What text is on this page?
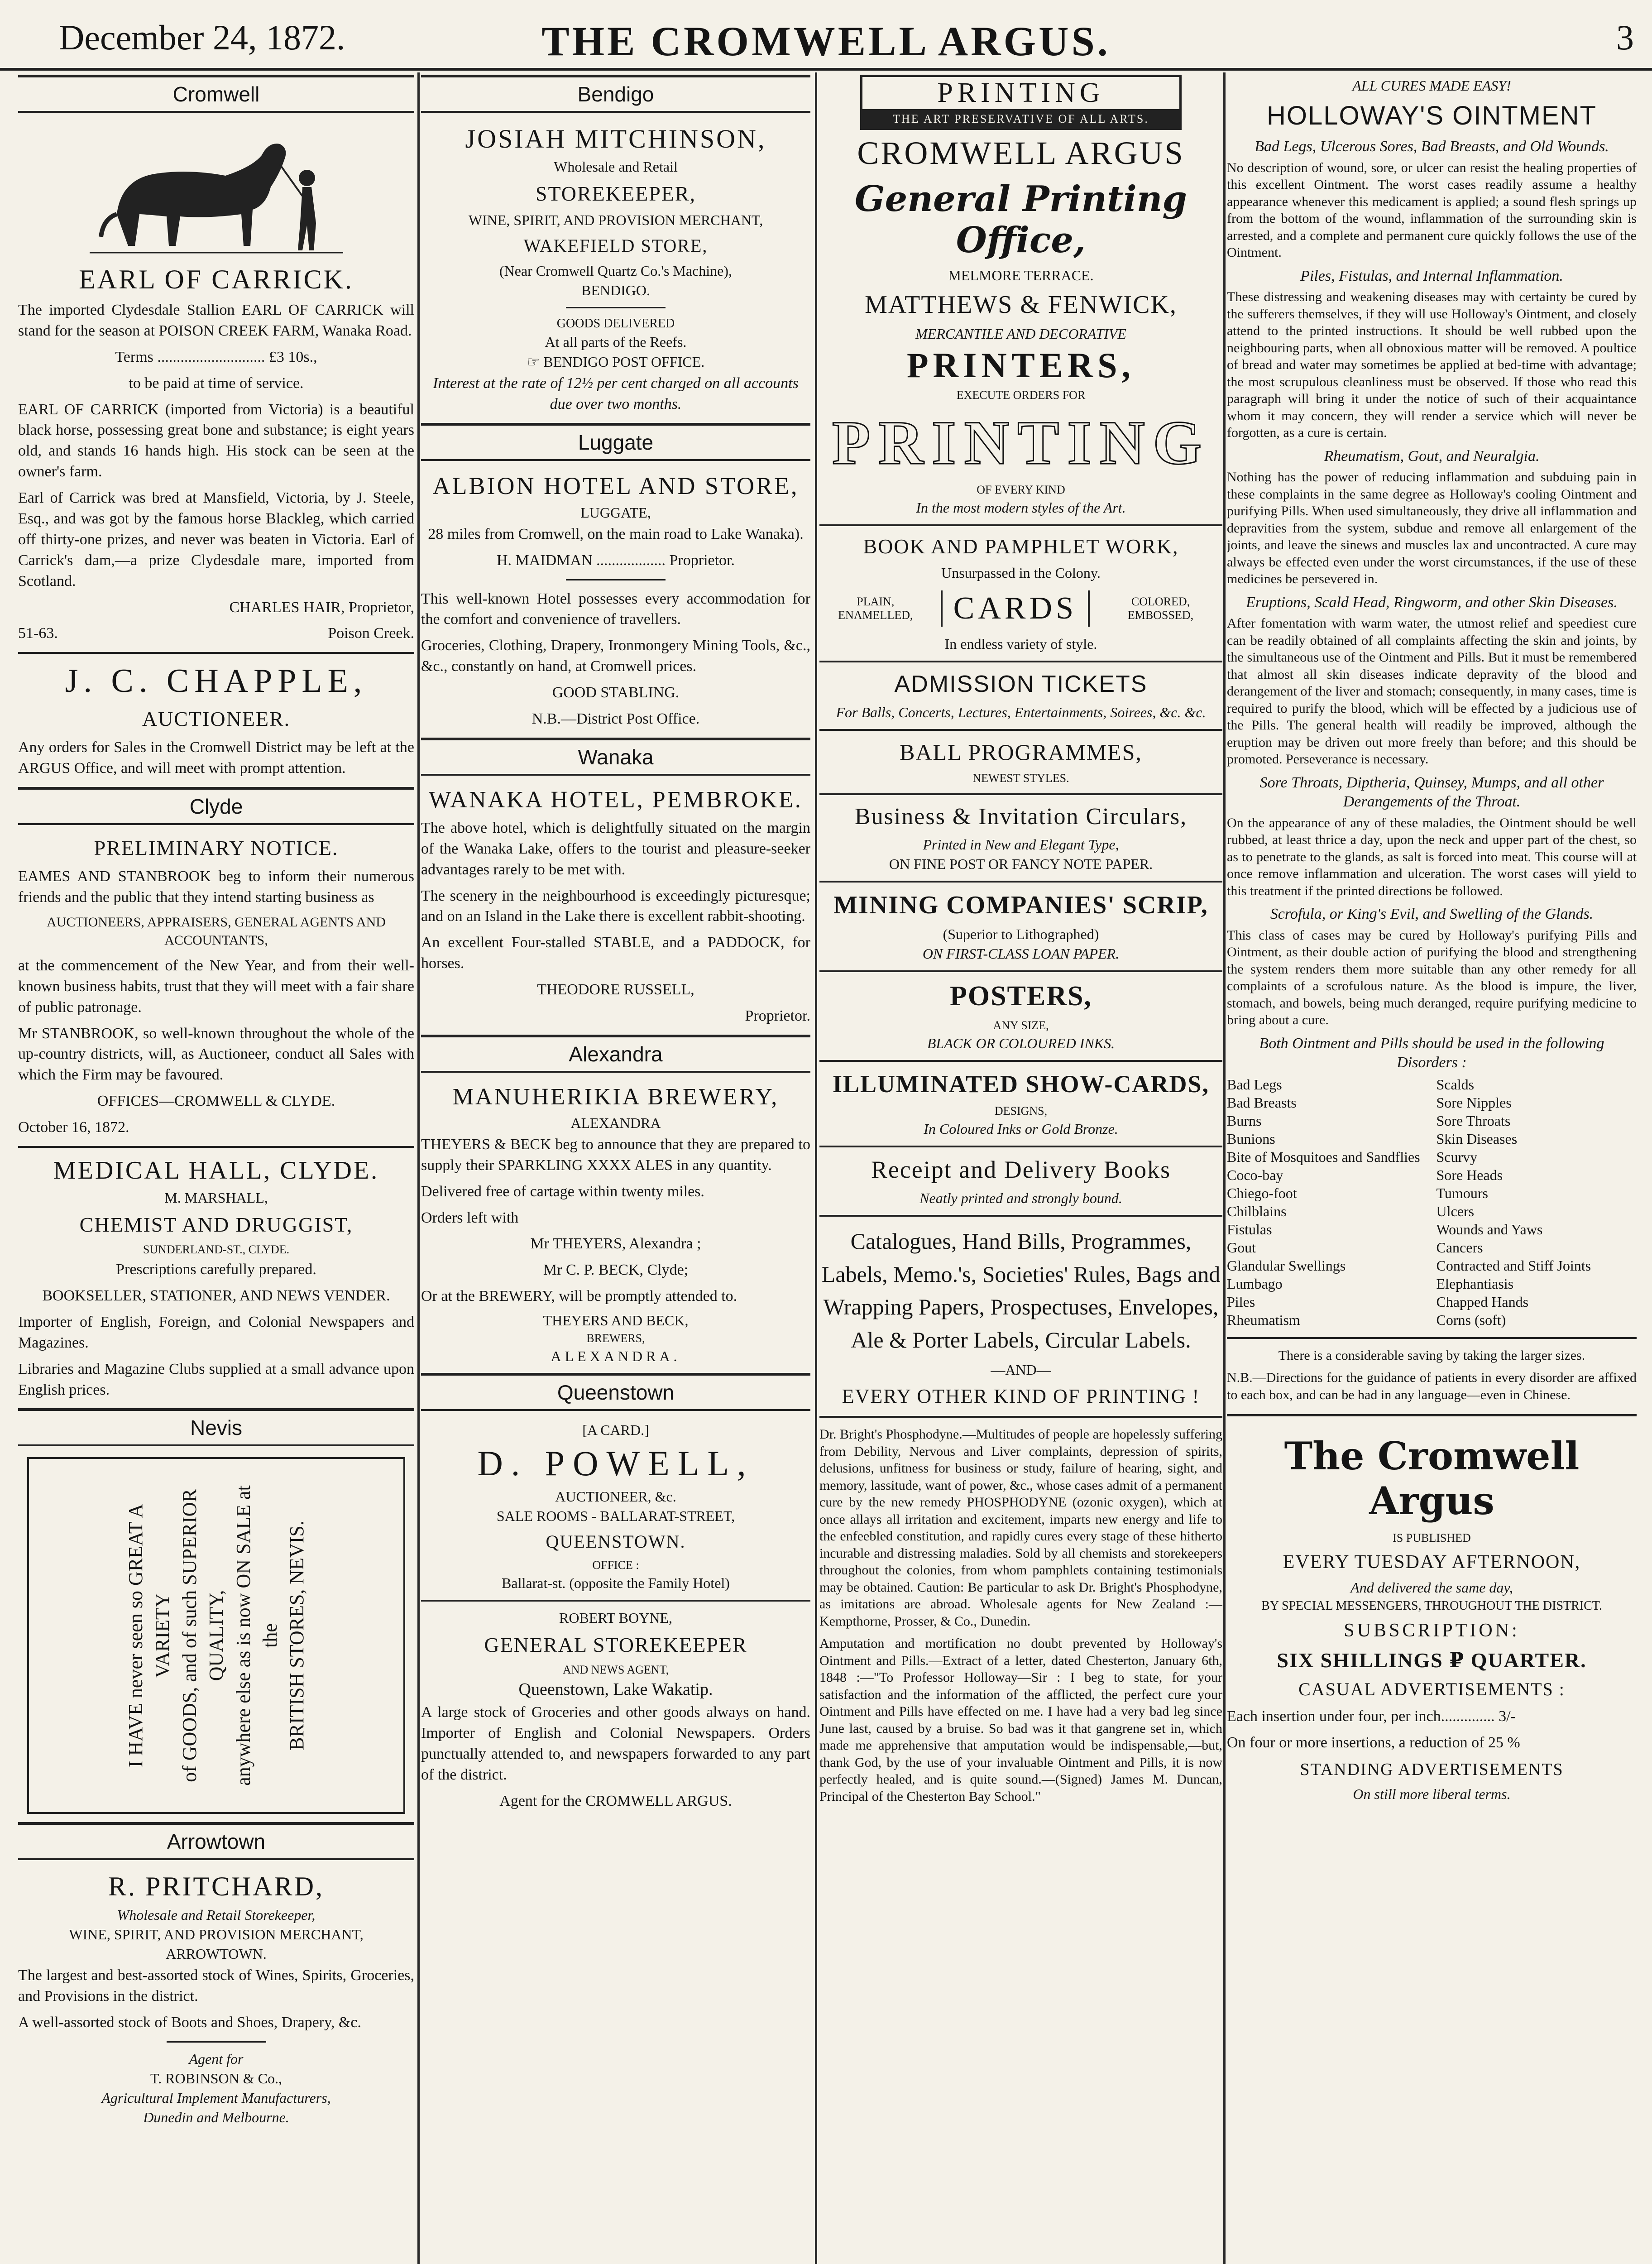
December 24, 1872.	THE CROMWELL ARGUS.	3
Cromwell
EARL OF CARRICK.

The imported Clydesdale Stallion EARL OF CARRICK will stand for the season at POISON CREEK FARM, Wanaka Road.

Terms ............................ £3 10s.,

to be paid at time of service.

EARL OF CARRICK (imported from Victoria) is a beautiful black horse, possessing great bone and substance; is eight years old, and stands 16 hands high. His stock can be seen at the owner's farm.

Earl of Carrick was bred at Mansfield, Victoria, by J. Steele, Esq., and was got by the famous horse Blackleg, which carried off thirty-one prizes, and never was beaten in Victoria. Earl of Carrick's dam,—a prize Clydesdale mare, imported from Scotland.

CHARLES HAIR, Proprietor,

51-63.	Poison Creek.

J. C. CHAPPLE,
AUCTIONEER.

Any orders for Sales in the Cromwell District may be left at the ARGUS Office, and will meet with prompt attention.

Clyde
PRELIMINARY NOTICE.

EAMES AND STANBROOK beg to inform their numerous friends and the public that they intend starting business as

AUCTIONEERS, APPRAISERS, GENERAL AGENTS AND ACCOUNTANTS,

at the commencement of the New Year, and from their well-known business habits, trust that they will meet with a fair share of public patronage.

Mr STANBROOK, so well-known throughout the whole of the up-country districts, will, as Auctioneer, conduct all Sales with which the Firm may be favoured.

OFFICES—CROMWELL & CLYDE.

October 16, 1872.

MEDICAL HALL, CLYDE.
M. MARSHALL,
CHEMIST AND DRUGGIST,
SUNDERLAND-ST., CLYDE.

Prescriptions carefully prepared.

BOOKSELLER, STATIONER, AND NEWS VENDER.

Importer of English, Foreign, and Colonial Newspapers and Magazines.

Libraries and Magazine Clubs supplied at a small advance upon English prices.

Nevis
I HAVE never seen so GREAT A VARIETY of GOODS, and of such SUPERIOR QUALITY, anywhere else as is now ON SALE at the BRITISH STORES, NEVIS.
Arrowtown
R. PRITCHARD,
Wholesale and Retail Storekeeper,
WINE, SPIRIT, AND PROVISION MERCHANT,
ARROWTOWN.

The largest and best-assorted stock of Wines, Spirits, Groceries, and Provisions in the district.

A well-assorted stock of Boots and Shoes, Drapery, &c.

Agent for
T. ROBINSON & Co.,
Agricultural Implement Manufacturers,
Dunedin and Melbourne.
Bendigo
JOSIAH MITCHINSON,
Wholesale and Retail
STOREKEEPER,
WINE, SPIRIT, AND PROVISION MERCHANT,
WAKEFIELD STORE,
(Near Cromwell Quartz Co.'s Machine),
BENDIGO.
GOODS DELIVERED
At all parts of the Reefs.
☞ BENDIGO POST OFFICE.

Interest at the rate of 12½ per cent charged on all accounts due over two months.

Luggate
ALBION HOTEL AND STORE,
LUGGATE,

28 miles from Cromwell, on the main road to Lake Wanaka).

H. MAIDMAN .................. Proprietor.

This well-known Hotel possesses every accommodation for the comfort and convenience of travellers.

Groceries, Clothing, Drapery, Ironmongery Mining Tools, &c., &c., constantly on hand, at Cromwell prices.

GOOD STABLING.

N.B.—District Post Office.

Wanaka
WANAKA HOTEL, PEMBROKE.

The above hotel, which is delightfully situated on the margin of the Wanaka Lake, offers to the tourist and pleasure-seeker advantages rarely to be met with.

The scenery in the neighbourhood is exceedingly picturesque; and on an Island in the Lake there is excellent rabbit-shooting.

An excellent Four-stalled STABLE, and a PADDOCK, for horses.

THEODORE RUSSELL,

Proprietor.

Alexandra
MANUHERIKIA BREWERY,
ALEXANDRA

THEYERS & BECK beg to announce that they are prepared to supply their SPARKLING XXXX ALES in any quantity.

Delivered free of cartage within twenty miles.

Orders left with

Mr THEYERS, Alexandra ;

Mr C. P. BECK, Clyde;

Or at the BREWERY, will be promptly attended to.

THEYERS AND BECK,
BREWERS,
ALEXANDRA.
Queenstown
[A CARD.]
D. POWELL,
AUCTIONEER, &c.
SALE ROOMS - BALLARAT-STREET,
QUEENSTOWN.
OFFICE :
Ballarat-st. (opposite the Family Hotel)
ROBERT BOYNE,
GENERAL STOREKEEPER
AND NEWS AGENT,
Queenstown, Lake Wakatip.

A large stock of Groceries and other goods always on hand. Importer of English and Colonial Newspapers. Orders punctually attended to, and newspapers forwarded to any part of the district.

Agent for the CROMWELL ARGUS.

PRINTING
THE ART PRESERVATIVE OF ALL ARTS.
CROMWELL ARGUS
General Printing Office,
MELMORE TERRACE.
MATTHEWS & FENWICK,
MERCANTILE AND DECORATIVE
PRINTERS,
EXECUTE ORDERS FOR
PRINTING
OF EVERY KIND
In the most modern styles of the Art.
BOOK AND PAMPHLET WORK,
Unsurpassed in the Colony.
PLAIN, ENAMELLED,	CARDS	COLORED, EMBOSSED,
In endless variety of style.
ADMISSION TICKETS
For Balls, Concerts, Lectures, Entertainments, Soirees, &c. &c.
BALL PROGRAMMES,
NEWEST STYLES.
Business & Invitation Circulars,
Printed in New and Elegant Type,
ON FINE POST OR FANCY NOTE PAPER.
MINING COMPANIES' SCRIP,
(Superior to Lithographed)
ON FIRST-CLASS LOAN PAPER.
POSTERS,
ANY SIZE,
BLACK OR COLOURED INKS.
ILLUMINATED SHOW-CARDS,
DESIGNS,
In Coloured Inks or Gold Bronze.
Receipt and Delivery Books
Neatly printed and strongly bound.

Catalogues, Hand Bills, Programmes, Labels, Memo.'s, Societies' Rules, Bags and Wrapping Papers, Prospectuses, Envelopes, Ale & Porter Labels, Circular Labels.

—AND—
EVERY OTHER KIND OF PRINTING !

Dr. Bright's Phosphodyne.—Multitudes of people are hopelessly suffering from Debility, Nervous and Liver complaints, depression of spirits, delusions, unfitness for business or study, failure of hearing, sight, and memory, lassitude, want of power, &c., whose cases admit of a permanent cure by the new remedy PHOSPHODYNE (ozonic oxygen), which at once allays all irritation and excitement, imparts new energy and life to the enfeebled constitution, and rapidly cures every stage of these hitherto incurable and distressing maladies. Sold by all chemists and storekeepers throughout the colonies, from whom pamphlets containing testimonials may be obtained. Caution: Be particular to ask Dr. Bright's Phosphodyne, as imitations are abroad. Wholesale agents for New Zealand :—Kempthorne, Prosser, & Co., Dunedin.

Amputation and mortification no doubt prevented by Holloway's Ointment and Pills.—Extract of a letter, dated Chesterton, January 6th, 1848 :—"To Professor Holloway—Sir : I beg to state, for your satisfaction and the information of the afflicted, the perfect cure your Ointment and Pills have effected on me. I have had a very bad leg since June last, caused by a bruise. So bad was it that gangrene set in, which made me apprehensive that amputation would be indispensable,—but, thank God, by the use of your invaluable Ointment and Pills, it is now perfectly healed, and is quite sound.—(Signed) James M. Duncan, Principal of the Chesterton Bay School."

ALL CURES MADE EASY!
HOLLOWAY'S OINTMENT
Bad Legs, Ulcerous Sores, Bad Breasts, and Old Wounds.

No description of wound, sore, or ulcer can resist the healing properties of this excellent Ointment. The worst cases readily assume a healthy appearance whenever this medicament is applied; a sound flesh springs up from the bottom of the wound, inflammation of the surrounding skin is arrested, and a complete and permanent cure quickly follows the use of the Ointment.

Piles, Fistulas, and Internal Inflammation.

These distressing and weakening diseases may with certainty be cured by the sufferers themselves, if they will use Holloway's Ointment, and closely attend to the printed instructions. It should be well rubbed upon the neighbouring parts, when all obnoxious matter will be removed. A poultice of bread and water may sometimes be applied at bed-time with advantage; the most scrupulous cleanliness must be observed. If those who read this paragraph will bring it under the notice of such of their acquaintance whom it may concern, they will render a service which will never be forgotten, as a cure is certain.

Rheumatism, Gout, and Neuralgia.

Nothing has the power of reducing inflammation and subduing pain in these complaints in the same degree as Holloway's cooling Ointment and purifying Pills. When used simultaneously, they drive all inflammation and depravities from the system, subdue and remove all enlargement of the joints, and leave the sinews and muscles lax and uncontracted. A cure may always be effected even under the worst circumstances, if the use of these medicines be persevered in.

Eruptions, Scald Head, Ringworm, and other Skin Diseases.

After fomentation with warm water, the utmost relief and speediest cure can be readily obtained of all complaints affecting the skin and joints, by the simultaneous use of the Ointment and Pills. But it must be remembered that almost all skin diseases indicate depravity of the blood and derangement of the liver and stomach; consequently, in many cases, time is required to purify the blood, which will be effected by a judicious use of the Pills. The general health will readily be improved, although the eruption may be driven out more freely than before; and this should be promoted. Perseverance is necessary.

Sore Throats, Diptheria, Quinsey, Mumps, and all other Derangements of the Throat.

On the appearance of any of these maladies, the Ointment should be well rubbed, at least thrice a day, upon the neck and upper part of the chest, so as to penetrate to the glands, as salt is forced into meat. This course will at once remove inflammation and ulceration. The worst cases will yield to this treatment if the printed directions be followed.

Scrofula, or King's Evil, and Swelling of the Glands.

This class of cases may be cured by Holloway's purifying Pills and Ointment, as their double action of purifying the blood and strengthening the system renders them more suitable than any other remedy for all complaints of a scrofulous nature. As the blood is impure, the liver, stomach, and bowels, being much deranged, require purifying medicine to bring about a cure.

Both Ointment and Pills should be used in the following Disorders :
Bad Legs	Scalds
Bad Breasts	Sore Nipples
Burns	Sore Throats
Bunions	Skin Diseases
Bite of Mosquitoes and Sandflies	Scurvy
Coco-bay	Sore Heads
Chiego-foot	Tumours
Chilblains	Ulcers
Fistulas	Wounds and Yaws
Gout	Cancers
Glandular Swellings	Contracted and Stiff Joints
Lumbago	Elephantiasis
Piles	Chapped Hands
Rheumatism	Corns (soft)

There is a considerable saving by taking the larger sizes.

N.B.—Directions for the guidance of patients in every disorder are affixed to each box, and can be had in any language—even in Chinese.

The Cromwell Argus
IS PUBLISHED
EVERY TUESDAY AFTERNOON,
And delivered the same day,
BY SPECIAL MESSENGERS, THROUGHOUT THE DISTRICT.
SUBSCRIPTION:
SIX SHILLINGS ₽ QUARTER.
CASUAL ADVERTISEMENTS :

Each insertion under four, per inch.............. 3/-

On four or more insertions, a reduction of 25 %

STANDING ADVERTISEMENTS
On still more liberal terms.
